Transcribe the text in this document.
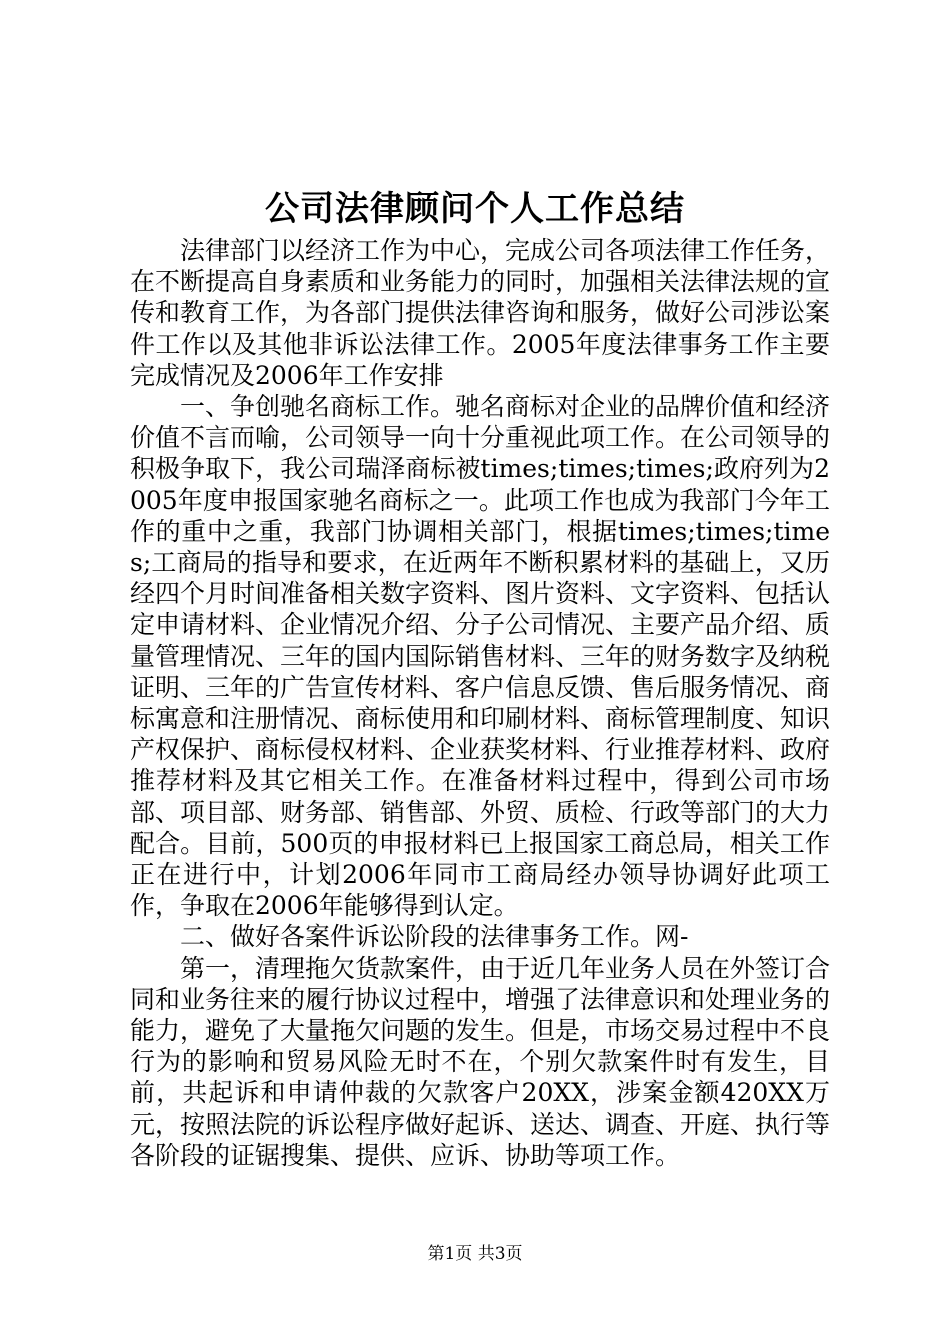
公司法律顾问个人工作总结

法律部门以经济工作为中心，完成公司各项法律工作任务，在不断提高自身素质和业务能力的同时，加强相关法律法规的宣传和教育工作，为各部门提供法律咨询和服务，做好公司涉讼案件工作以及其他非诉讼法律工作。2005年度法律事务工作主要完成情况及2006年工作安排

一、争创驰名商标工作。驰名商标对企业的品牌价值和经济价值不言而喻，公司领导一向十分重视此项工作。在公司领导的积极争取下，我公司瑞泽商标被times;times;times;政府列为2005年度申报国家驰名商标之一。此项工作也成为我部门今年工作的重中之重，我部门协调相关部门，根据times;times;times;工商局的指导和要求，在近两年不断积累材料的基础上，又历经四个月时间准备相关数字资料、图片资料、文字资料、包括认定申请材料、企业情况介绍、分子公司情况、主要产品介绍、质量管理情况、三年的国内国际销售材料、三年的财务数字及纳税证明、三年的广告宣传材料、客户信息反馈、售后服务情况、商标寓意和注册情况、商标使用和印刷材料、商标管理制度、知识产权保护、商标侵权材料、企业获奖材料、行业推荐材料、政府推荐材料及其它相关工作。在准备材料过程中，得到公司市场部、项目部、财务部、销售部、外贸、质检、行政等部门的大力配合。目前，500页的申报材料已上报国家工商总局，相关工作正在进行中，计划2006年同市工商局经办领导协调好此项工作，争取在2006年能够得到认定。

二、做好各案件诉讼阶段的法律事务工作。网-

第一，清理拖欠货款案件，由于近几年业务人员在外签订合同和业务往来的履行协议过程中，增强了法律意识和处理业务的能力，避免了大量拖欠问题的发生。但是，市场交易过程中不良行为的影响和贸易风险无时不在，个别欠款案件时有发生，目前，共起诉和申请仲裁的欠款客户20XX，涉案金额420XX万元，按照法院的诉讼程序做好起诉、送达、调查、开庭、执行等各阶段的证锯搜集、提供、应诉、协助等项工作。

第1页 共3页
